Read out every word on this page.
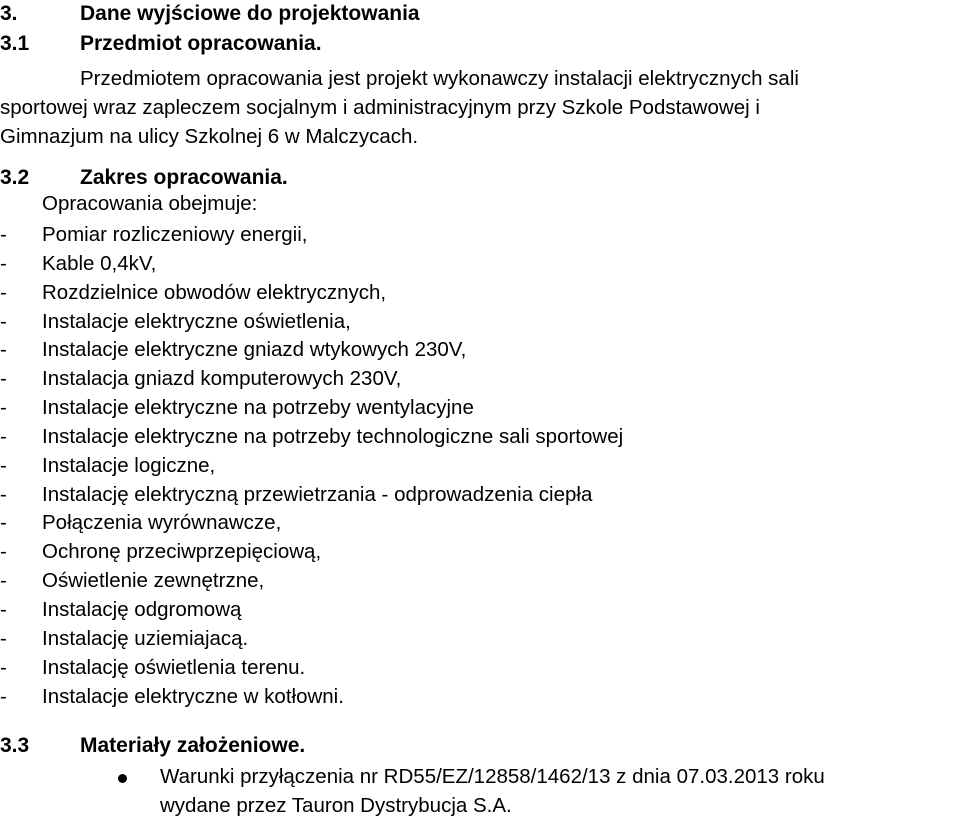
3.	Dane wyjściowe do projektowania
3.1 Przedmiot opracowania.
Przedmiotem opracowania jest projekt wykonawczy instalacji elektrycznych sali
sportowej wraz zapleczem socjalnym i administracyjnym przy Szkole Podstawowej i
Gimnazjum na ulicy Szkolnej 6 w Malczycach.
3.2 Zakres opracowania.
Opracowania obejmuje:
- Pomiar rozliczeniowy energii,
- Kable 0,4kV,
- Rozdzielnice obwodów elektrycznych,
- Instalacje elektryczne oświetlenia,
- Instalacje elektryczne gniazd wtykowych 230V,
- Instalacja gniazd komputerowych 230V,
- Instalacje elektryczne na potrzeby wentylacyjne
- Instalacje elektryczne na potrzeby technologiczne sali sportowej
- Instalacje logiczne,
- Instalację elektryczną przewietrzania - odprowadzenia ciepła
- Połączenia wyrównawcze,
- Ochronę przeciwprzepięciową,
- Oświetlenie zewnętrzne,
- Instalację odgromową
- Instalację uziemiajacą.
- Instalację oświetlenia terenu.
- Instalacje elektryczne w kotłowni.
3.3 Materiały założeniowe.
Warunki przyłączenia nr RD55/EZ/12858/1462/13 z dnia 07.03.2013 roku
wydane przez Tauron Dystrybucja S.A.
